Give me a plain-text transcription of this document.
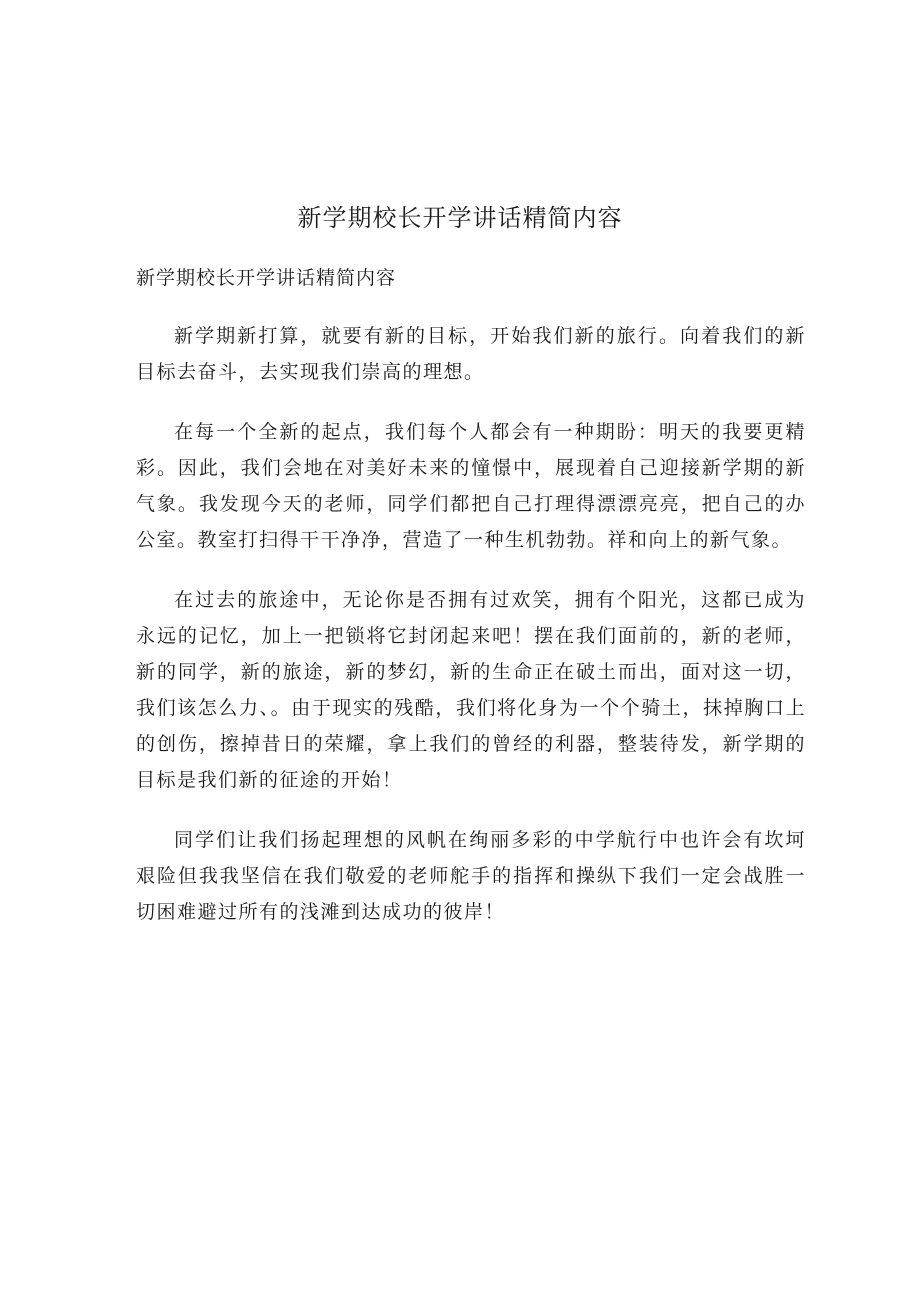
新学期校长开学讲话精简内容

新学期校长开学讲话精简内容

新学期新打算，就要有新的目标，开始我们新的旅行。向着我们的新目标去奋斗，去实现我们崇高的理想。

在每一个全新的起点，我们每个人都会有一种期盼：明天的我要更精彩。因此，我们会地在对美好未来的憧憬中，展现着自己迎接新学期的新气象。我发现今天的老师，同学们都把自己打理得漂漂亮亮，把自己的办公室。教室打扫得干干净净，营造了一种生机勃勃。祥和向上的新气象。

在过去的旅途中，无论你是否拥有过欢笑，拥有个阳光，这都已成为永远的记忆，加上一把锁将它封闭起来吧！摆在我们面前的，新的老师，新的同学，新的旅途，新的梦幻，新的生命正在破土而出，面对这一切，我们该怎么力、。由于现实的残酷，我们将化身为一个个骑土，抹掉胸口上的创伤，擦掉昔日的荣耀，拿上我们的曾经的利器，整装待发，新学期的目标是我们新的征途的开始！

同学们让我们扬起理想的风帆在绚丽多彩的中学航行中也许会有坎坷艰险但我我坚信在我们敬爱的老师舵手的指挥和操纵下我们一定会战胜一切困难避过所有的浅滩到达成功的彼岸！
